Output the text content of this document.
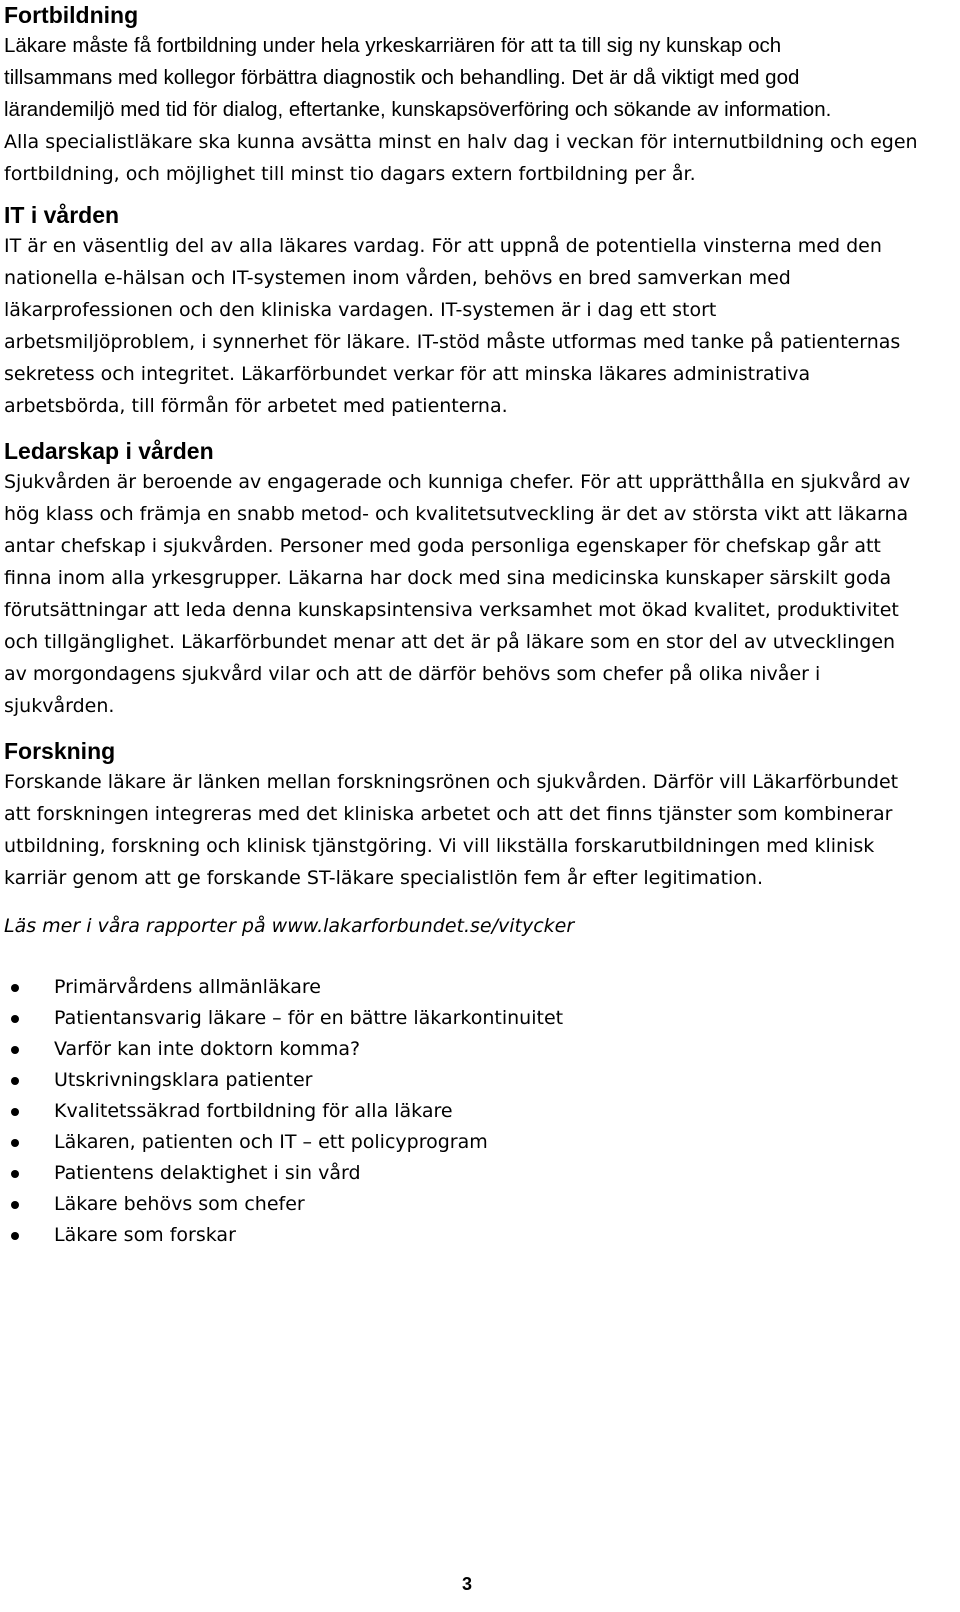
Fortbildning
Läkare måste få fortbildning under hela yrkeskarriären för att ta till sig ny kunskap och
tillsammans med kollegor förbättra diagnostik och behandling. Det är då viktigt med god
lärandemiljö med tid för dialog, eftertanke, kunskapsöverföring och sökande av information.
Alla specialistläkare ska kunna avsätta minst en halv dag i veckan för internutbildning och egen
fortbildning, och möjlighet till minst tio dagars extern fortbildning per år.
IT i vården
IT är en väsentlig del av alla läkares vardag. För att uppnå de potentiella vinsterna med den
nationella e-hälsan och IT-systemen inom vården, behövs en bred samverkan med
läkarprofessionen och den kliniska vardagen. IT-systemen är i dag ett stort
arbetsmiljöproblem, i synnerhet för läkare. IT-stöd måste utformas med tanke på patienternas
sekretess och integritet. Läkarförbundet verkar för att minska läkares administrativa
arbetsbörda, till förmån för arbetet med patienterna.
Ledarskap i vården
Sjukvården är beroende av engagerade och kunniga chefer. För att upprätthålla en sjukvård av
hög klass och främja en snabb metod- och kvalitetsutveckling är det av största vikt att läkarna
antar chefskap i sjukvården. Personer med goda personliga egenskaper för chefskap går att
finna inom alla yrkesgrupper. Läkarna har dock med sina medicinska kunskaper särskilt goda
förutsättningar att leda denna kunskapsintensiva verksamhet mot ökad kvalitet, produktivitet
och tillgänglighet. Läkarförbundet menar att det är på läkare som en stor del av utvecklingen
av morgondagens sjukvård vilar och att de därför behövs som chefer på olika nivåer i
sjukvården.
Forskning
Forskande läkare är länken mellan forskningsrönen och sjukvården. Därför vill Läkarförbundet
att forskningen integreras med det kliniska arbetet och att det finns tjänster som kombinerar
utbildning, forskning och klinisk tjänstgöring. Vi vill likställa forskarutbildningen med klinisk
karriär genom att ge forskande ST-läkare specialistlön fem år efter legitimation.

Läs mer i våra rapporter på www.lakarforbundet.se/vitycker

Primärvårdens allmänläkare
Patientansvarig läkare – för en bättre läkarkontinuitet
Varför kan inte doktorn komma?
Utskrivningsklara patienter
Kvalitetssäkrad fortbildning för alla läkare
Läkaren, patienten och IT – ett policyprogram
Patientens delaktighet i sin vård
Läkare behövs som chefer
Läkare som forskar
3
